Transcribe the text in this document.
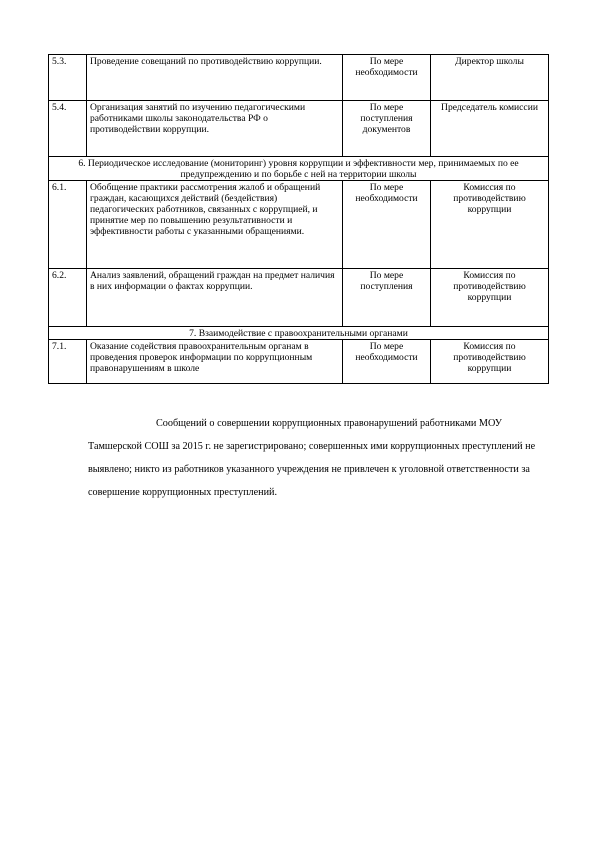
5.3.	Проведение совещаний по противодействию коррупции.	По мере необходимости	Директор школы
5.4.	Организация занятий по изучению педагогическими работниками школы законодательства РФ о противодействии коррупции.	По мере поступления документов	Председатель комиссии
6. Периодическое исследование (мониторинг) уровня коррупции и эффективности мер, принимаемых по ее предупреждению и по борьбе с ней на территории школы			
6.1.	Обобщение практики рассмотрения жалоб и обращений граждан, касающихся действий (бездействия) педагогических работников, связанных с коррупцией, и принятие мер по повышению результативности и эффективности работы с указанными обращениями.	По мере необходимости	Комиссия по противодействию коррупции
6.2.	Анализ заявлений, обращений граждан на предмет наличия в них информации о фактах коррупции.	По мере поступления	Комиссия по противодействию коррупции
7. Взаимодействие с правоохранительными органами			
7.1.	Оказание содействия правоохранительным органам в проведения проверок информации по коррупционным правонарушениям в школе	По мере необходимости	Комиссия по противодействию коррупции

Сообщений о совершении коррупционных правонарушений работниками МОУ Тамшерской СОШ за 2015 г. не зарегистрировано; совершенных ими коррупционных преступлений не выявлено; никто из работников указанного учреждения не привлечен к уголовной ответственности за совершение коррупционных преступлений.
